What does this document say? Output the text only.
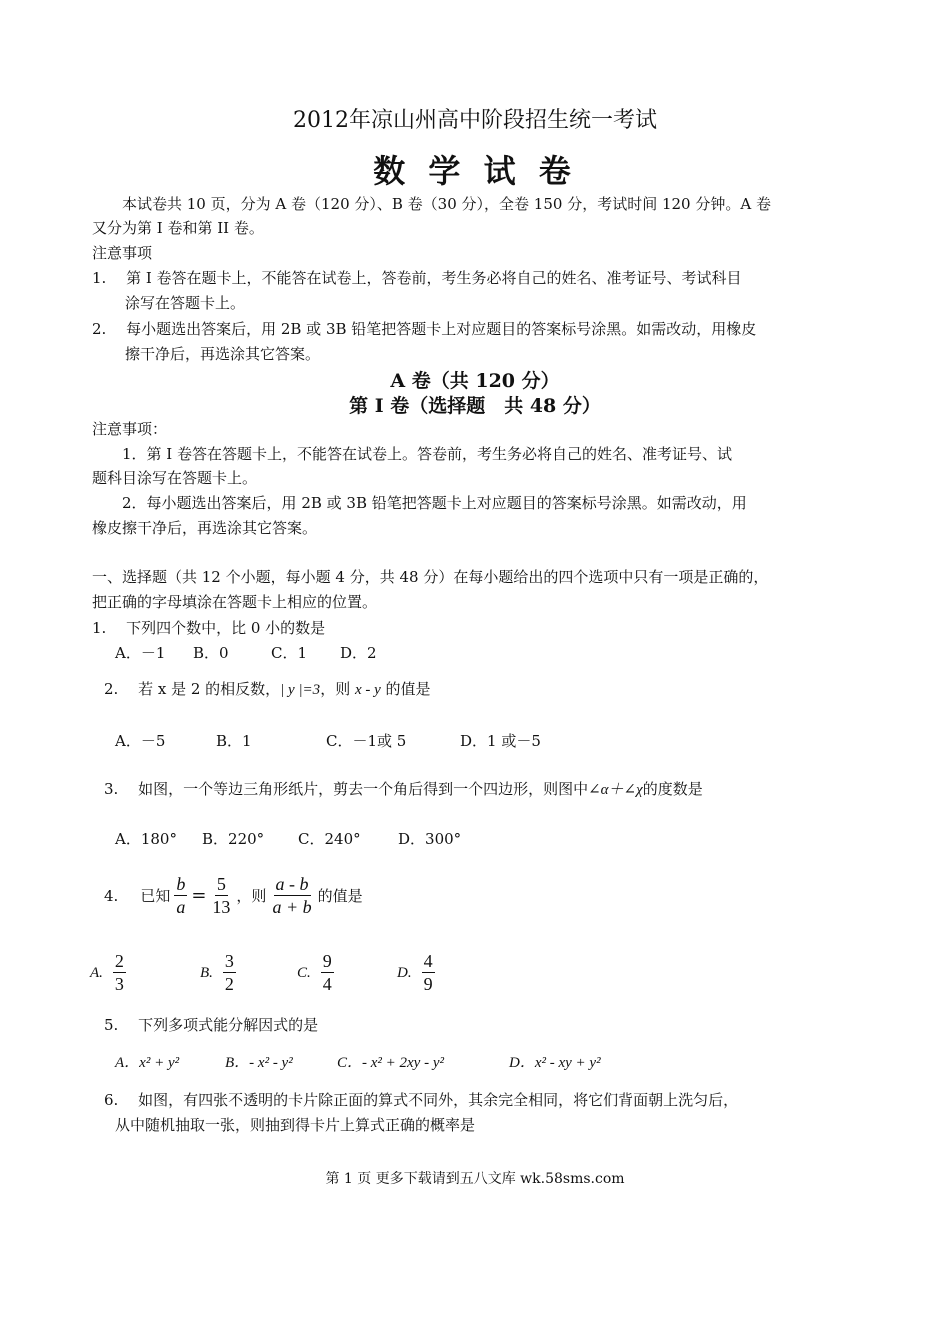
2012年凉山州高中阶段招生统一考试
数 学 试 卷
本试卷共 10 页，分为 A 卷（120 分）、B 卷（30 分），全卷 150 分，考试时间 120 分钟。A 卷
又分为第 I 卷和第 II 卷。
注意事项
1.　 第 I 卷答在题卡上，不能答在试卷上，答卷前，考生务必将自己的姓名、准考证号、考试科目
涂写在答题卡上。
2.　 每小题选出答案后，用 2B 或 3B 铅笔把答题卡上对应题目的答案标号涂黑。如需改动，用橡皮
擦干净后，再选涂其它答案。
A 卷（共 120 分）
第 I 卷（选择题　共 48 分）
注意事项：
1．第 I 卷答在答题卡上，不能答在试卷上。答卷前，考生务必将自己的姓名、准考证号、试
题科目涂写在答题卡上。
2．每小题选出答案后，用 2B 或 3B 铅笔把答题卡上对应题目的答案标号涂黑。如需改动，用
橡皮擦干净后，再选涂其它答案。
一、选择题（共 12 个小题，每小题 4 分，共 48 分）在每小题给出的四个选项中只有一项是正确的，
把正确的字母填涂在答题卡上相应的位置。
1.　 下列四个数中，比 0 小的数是
A．－1 B．0	C．1 D．2
2.　 若 x 是 2 的相反数，| y |=3，则 x - y 的值是
A．－5	B．1	C．－1或 5	D．1 或－5
3.　 如图，一个等边三角形纸片，剪去一个角后得到一个四边形，则图中∠α＋∠χ的度数是
A．180° B．220° C．240° D．300°
4. 已知 $\frac{b}{a} = \frac{5}{13}$ ，则 $\frac{a - b}{a + b}$ 的值是
A. $\frac{2}{3}$	B. $\frac{3}{2}$	C. $\frac{9}{4}$	D. $\frac{4}{9}$
5.　 下列多项式能分解因式的是
A．x² + y²	B．- x² - y²	C．- x² + 2xy - y²	D．x² - xy + y²
6.　 如图，有四张不透明的卡片除正面的算式不同外，其余完全相同，将它们背面朝上洗匀后，
从中随机抽取一张，则抽到得卡片上算式正确的概率是
第 1 页 更多下载请到五八文库 wk.58sms.com
